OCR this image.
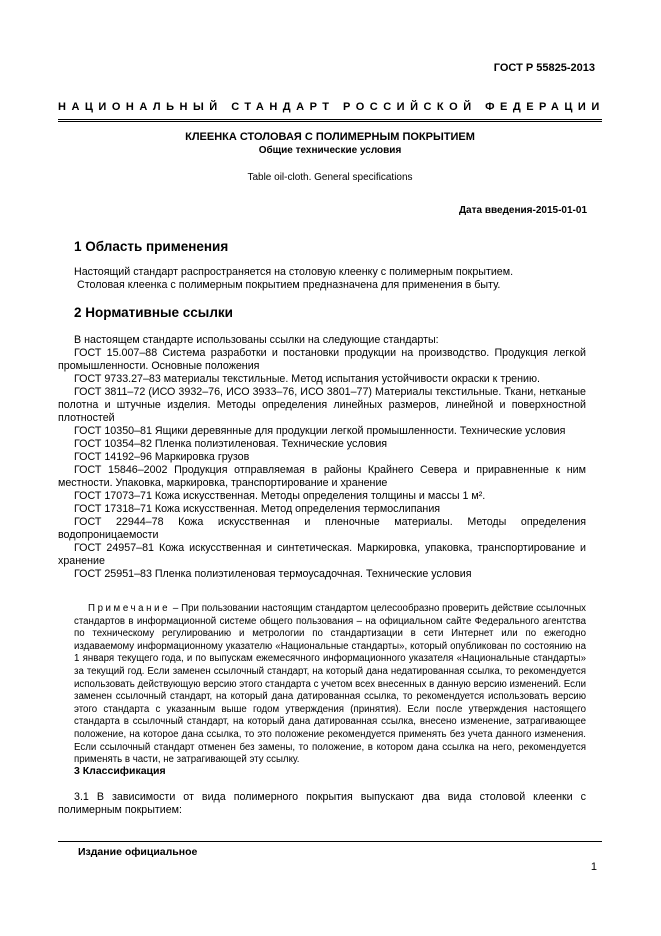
ГОСТ Р 55825-2013
НАЦИОНАЛЬНЫЙ СТАНДАРТ РОССИЙСКОЙ ФЕДЕРАЦИИ
КЛЕЕНКА СТОЛОВАЯ С ПОЛИМЕРНЫМ ПОКРЫТИЕМ
Общие технические условия
Table oil-cloth. General specifications
Дата введения-2015-01-01
1 Область применения

Настоящий стандарт распространяется на столовую клеенку с полимерным покрытием.

Столовая клеенка с полимерным покрытием предназначена для применения в быту.

2 Нормативные ссылки

В настоящем стандарте использованы ссылки на следующие стандарты:

ГОСТ 15.007–88 Система разработки и постановки продукции на производство. Продукция легкой промышленности. Основные положения

ГОСТ 9733.27–83 материалы текстильные. Метод испытания устойчивости окраски к трению.

ГОСТ 3811–72 (ИСО 3932–76, ИСО 3933–76, ИСО 3801–77) Материалы текстильные. Ткани, нетканые полотна и штучные изделия. Методы определения линейных размеров, линейной и поверхностной плотностей

ГОСТ 10350–81 Ящики деревянные для продукции легкой промышленности. Технические условия

ГОСТ 10354–82 Пленка полиэтиленовая. Технические условия

ГОСТ 14192–96 Маркировка грузов

ГОСТ 15846–2002 Продукция отправляемая в районы Крайнего Севера и приравненные к ним местности. Упаковка, маркировка, транспортирование и хранение

ГОСТ 17073–71 Кожа искусственная. Методы определения толщины и массы 1 м².

ГОСТ 17318–71 Кожа искусственная. Метод определения термослипания

ГОСТ 22944–78 Кожа искусственная и пленочные материалы. Методы определения водопроницаемости

ГОСТ 24957–81 Кожа искусственная и синтетическая. Маркировка, упаковка, транспортирование и хранение

ГОСТ 25951–83 Пленка полиэтиленовая термоусадочная. Технические условия

Примечание – При пользовании настоящим стандартом целесообразно проверить действие ссылочных стандартов в информационной системе общего пользования – на официальном сайте Федерального агентства по техническому регулированию и метрологии по стандартизации в сети Интернет или по ежегодно издаваемому информационному указателю «Национальные стандарты», который опубликован по состоянию на 1 января текущего года, и по выпускам ежемесячного информационного указателя «Национальные стандарты» за текущий год. Если заменен ссылочный стандарт, на который дана недатированная ссылка, то рекомендуется использовать действующую версию этого стандарта с учетом всех внесенных в данную версию изменений. Если заменен ссылочный стандарт, на который дана датированная ссылка, то рекомендуется использовать версию этого стандарта с указанным выше годом утверждения (принятия). Если после утверждения настоящего стандарта в ссылочный стандарт, на который дана датированная ссылка, внесено изменение, затрагивающее положение, на которое дана ссылка, то это положение рекомендуется применять без учета данного изменения. Если ссылочный стандарт отменен без замены, то положение, в котором дана ссылка на него, рекомендуется применять в части, не затрагивающей эту ссылку.
3 Классификация

3.1 В зависимости от вида полимерного покрытия выпускают два вида столовой клеенки с полимерным покрытием:

Издание официальное
1
